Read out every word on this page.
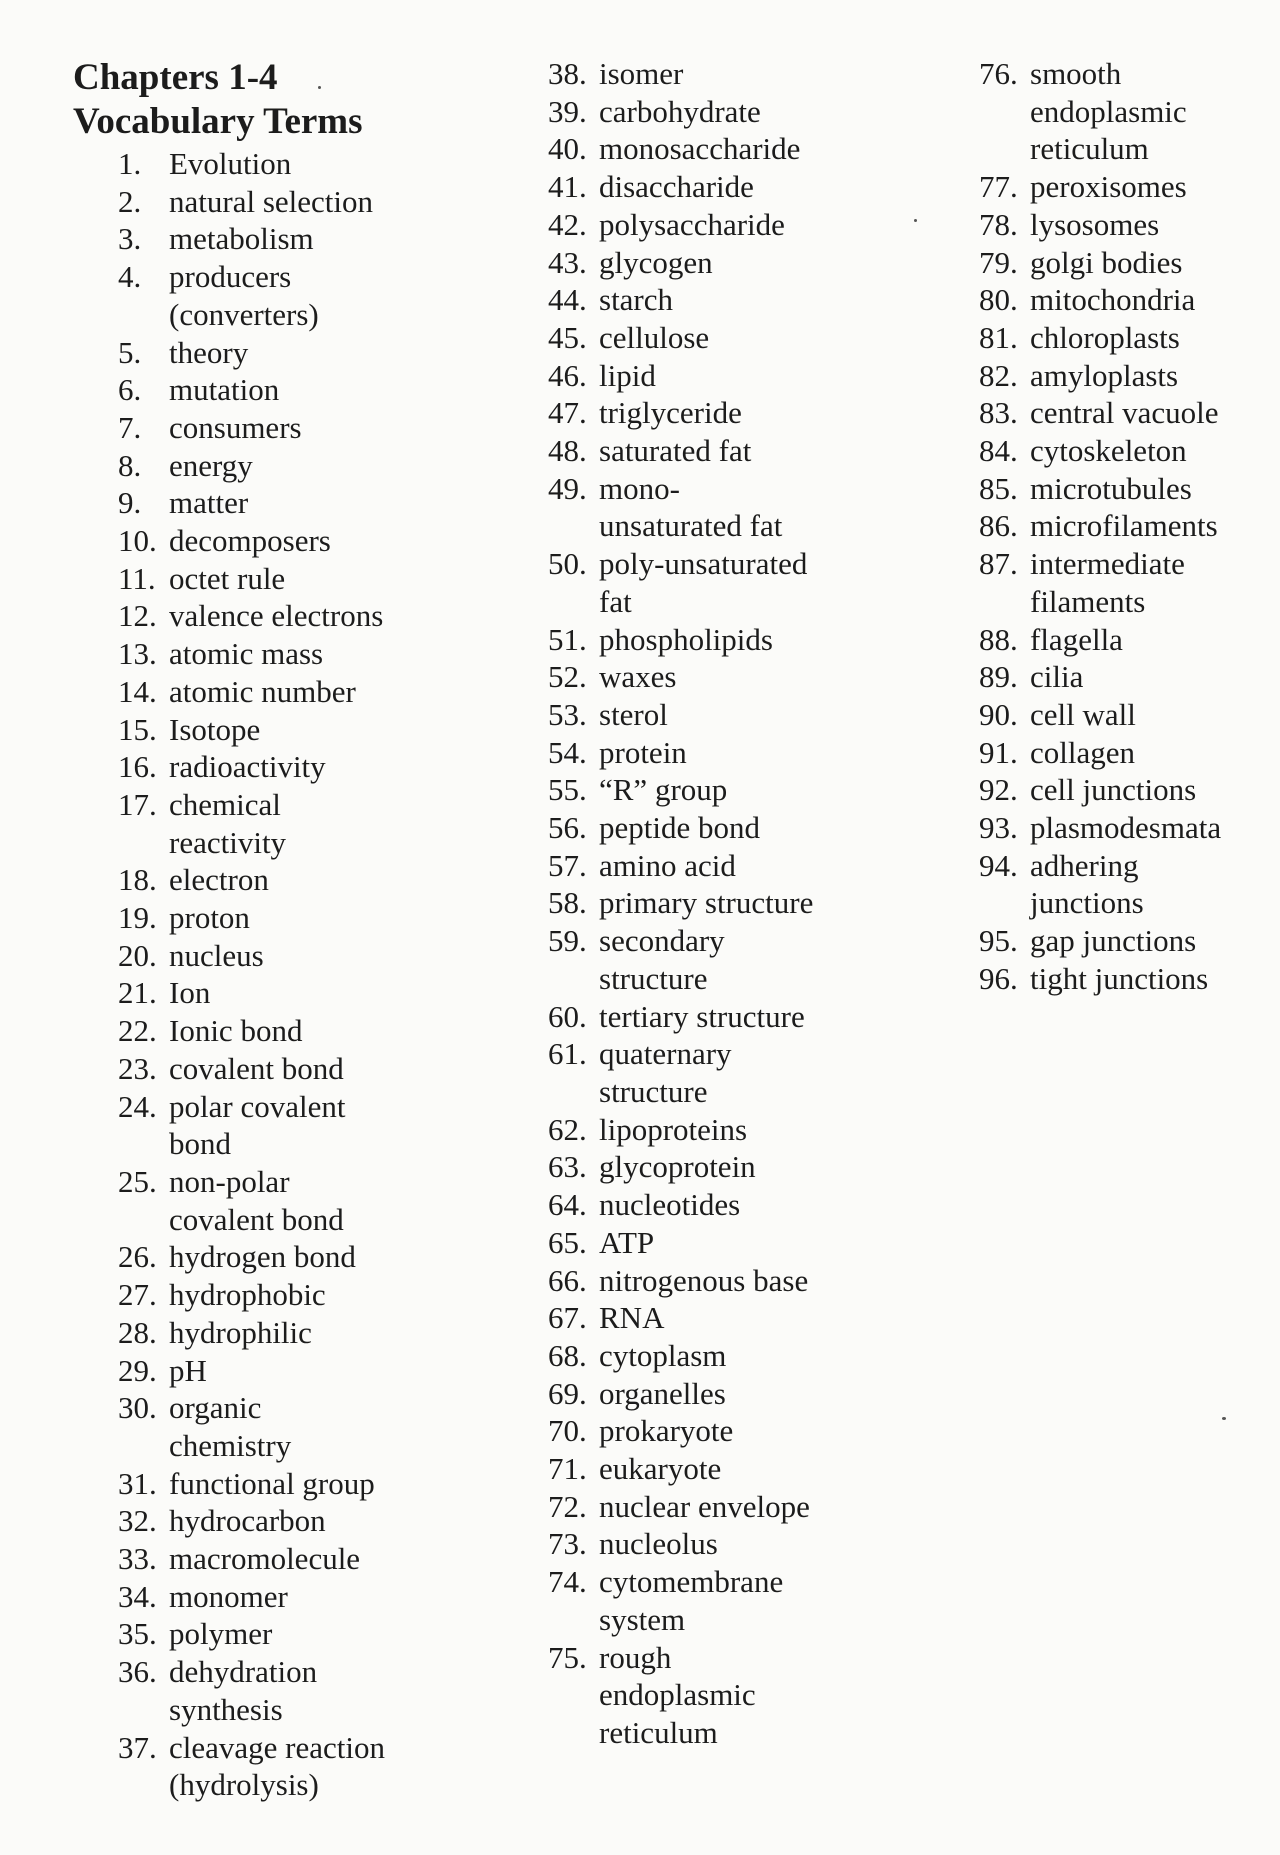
Chapters 1-4
Vocabulary Terms
1. Evolution
2. natural selection
3. metabolism
4. producers
(converters)
5. theory
6. mutation
7. consumers
8. energy
9. matter
10. decomposers
11. octet rule
12. valence electrons
13. atomic mass
14. atomic number
15. Isotope
16. radioactivity
17. chemical
reactivity
18. electron
19. proton
20. nucleus
21. Ion
22. Ionic bond
23. covalent bond
24. polar covalent
bond
25. non-polar
covalent bond
26. hydrogen bond
27. hydrophobic
28. hydrophilic
29. pH
30. organic
chemistry
31. functional group
32. hydrocarbon
33. macromolecule
34. monomer
35. polymer
36. dehydration
synthesis
37. cleavage reaction
(hydrolysis)
38. isomer
39. carbohydrate
40. monosaccharide
41. disaccharide
42. polysaccharide
43. glycogen
44. starch
45. cellulose
46. lipid
47. triglyceride
48. saturated fat
49. mono-
unsaturated fat
50. poly-unsaturated
fat
51. phospholipids
52. waxes
53. sterol
54. protein
55. “R” group
56. peptide bond
57. amino acid
58. primary structure
59. secondary
structure
60. tertiary structure
61. quaternary
structure
62. lipoproteins
63. glycoprotein
64. nucleotides
65. ATP
66. nitrogenous base
67. RNA
68. cytoplasm
69. organelles
70. prokaryote
71. eukaryote
72. nuclear envelope
73. nucleolus
74. cytomembrane
system
75. rough
endoplasmic
reticulum
76. smooth
endoplasmic
reticulum
77. peroxisomes
78. lysosomes
79. golgi bodies
80. mitochondria
81. chloroplasts
82. amyloplasts
83. central vacuole
84. cytoskeleton
85. microtubules
86. microfilaments
87. intermediate
filaments
88. flagella
89. cilia
90. cell wall
91. collagen
92. cell junctions
93. plasmodesmata
94. adhering
junctions
95. gap junctions
96. tight junctions
